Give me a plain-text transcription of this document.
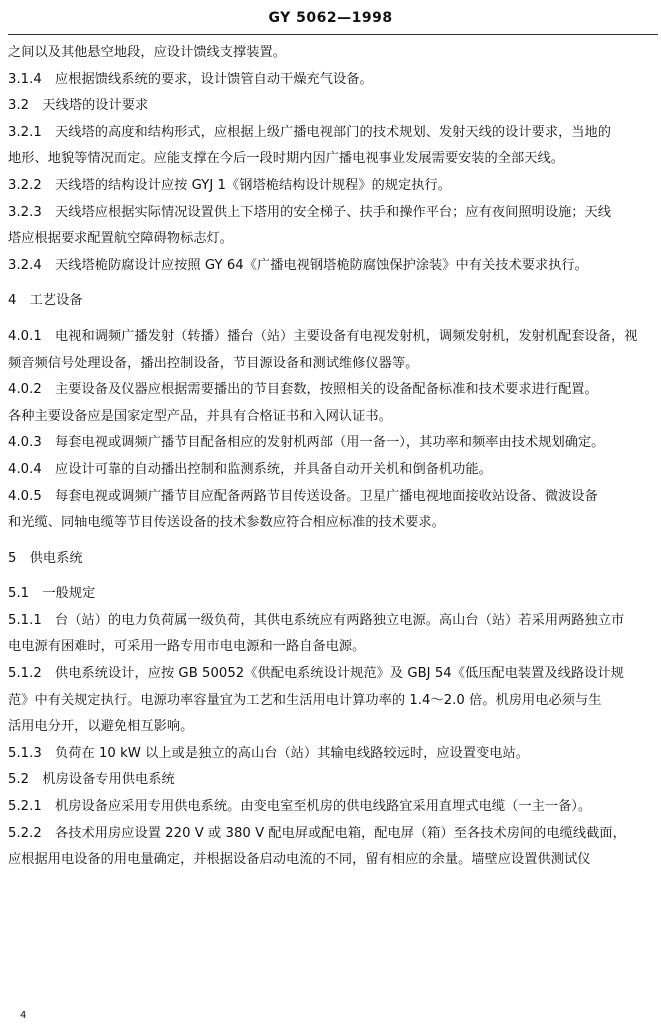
GY 5062—1998

之间以及其他悬空地段，应设计馈线支撑装置。

3.1.4　应根据馈线系统的要求，设计馈管自动干燥充气设备。

3.2　天线塔的设计要求

3.2.1　天线塔的高度和结构形式，应根据上级广播电视部门的技术规划、发射天线的设计要求，当地的

地形、地貌等情况而定。应能支撑在今后一段时期内因广播电视事业发展需要安装的全部天线。

3.2.2　天线塔的结构设计应按 GYJ 1《钢塔桅结构设计规程》的规定执行。

3.2.3　天线塔应根据实际情况设置供上下塔用的安全梯子、扶手和操作平台；应有夜间照明设施；天线

塔应根据要求配置航空障碍物标志灯。

3.2.4　天线塔桅防腐设计应按照 GY 64《广播电视钢塔桅防腐蚀保护涂装》中有关技术要求执行。

4　工艺设备

4.0.1　电视和调频广播发射（转播）播台（站）主要设备有电视发射机，调频发射机，发射机配套设备，视

频音频信号处理设备，播出控制设备，节目源设备和测试维修仪器等。

4.0.2　主要设备及仪器应根据需要播出的节目套数，按照相关的设备配备标准和技术要求进行配置。

各种主要设备应是国家定型产品，并具有合格证书和入网认证书。

4.0.3　每套电视或调频广播节目配备相应的发射机两部（用一备一），其功率和频率由技术规划确定。

4.0.4　应设计可靠的自动播出控制和监测系统，并具备自动开关机和倒备机功能。

4.0.5　每套电视或调频广播节目应配备两路节目传送设备。卫星广播电视地面接收站设备、微波设备

和光缆、同轴电缆等节目传送设备的技术参数应符合相应标准的技术要求。

5　供电系统

5.1　一般规定

5.1.1　台（站）的电力负荷属一级负荷，其供电系统应有两路独立电源。高山台（站）若采用两路独立市

电电源有困难时，可采用一路专用市电电源和一路自备电源。

5.1.2　供电系统设计，应按 GB 50052《供配电系统设计规范》及 GBJ 54《低压配电装置及线路设计规

范》中有关规定执行。电源功率容量宜为工艺和生活用电计算功率的 1.4～2.0 倍。机房用电必须与生

活用电分开，以避免相互影响。

5.1.3　负荷在 10 kW 以上或是独立的高山台（站）其输电线路较远时，应设置变电站。

5.2　机房设备专用供电系统

5.2.1　机房设备应采用专用供电系统。由变电室至机房的供电线路宜采用直埋式电缆（一主一备）。

5.2.2　各技术用房应设置 220 V 或 380 V 配电屏或配电箱，配电屏（箱）至各技术房间的电缆线截面，

应根据用电设备的用电量确定，并根据设备启动电流的不同，留有相应的余量。墙壁应设置供测试仪

4
